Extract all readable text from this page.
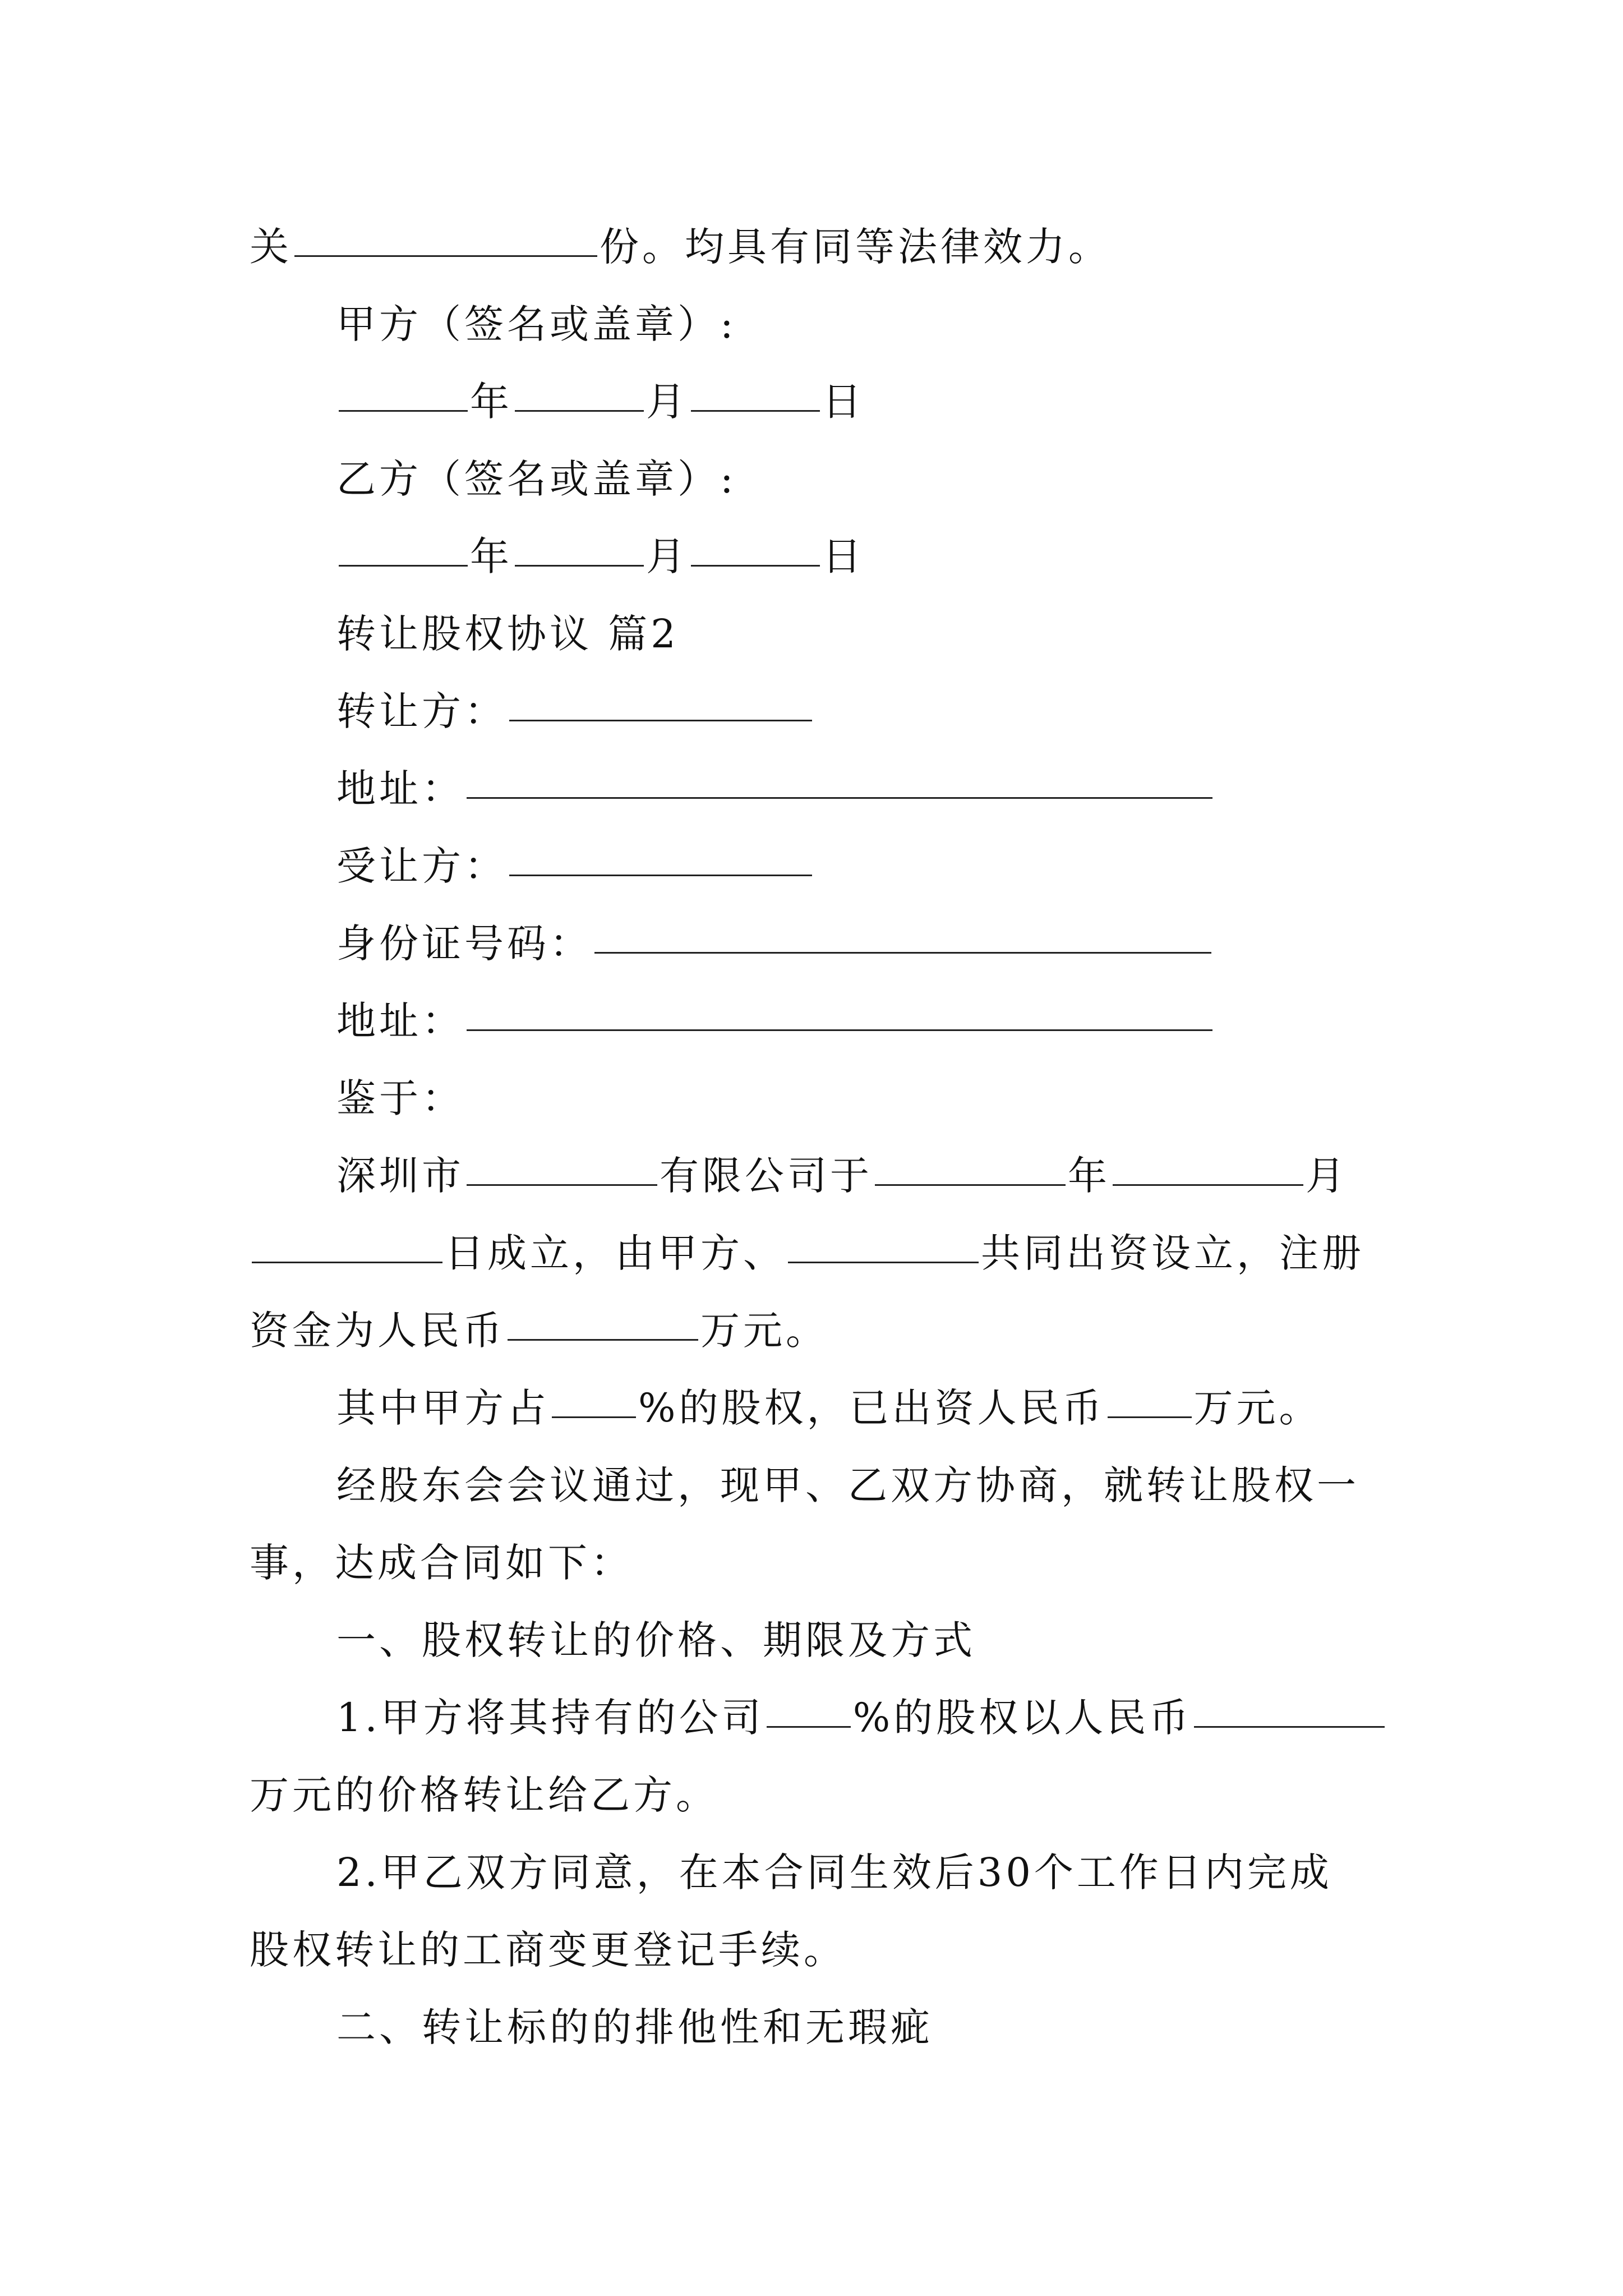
关	份。均具有同等法律效力。
甲方（签名或盖章）:
年	月	日
乙方（签名或盖章）:
年	月	日
转让股权协议 篇2
转让方：
地址：
受让方：
身份证号码：
地址：
鉴于：
深圳市	有限公司于	年	月
日成立，由甲方、	共同出资设立，注册
资金为人民币	万元。
其中甲方占 %的股权，已出资人民币 万元。
经股东会会议通过，现甲、乙双方协商，就转让股权一
事，达成合同如下：
一、股权转让的价格、期限及方式
1.甲方将其持有的公司 %的股权以人民币
万元的价格转让给乙方。
2.甲乙双方同意，在本合同生效后30个工作日内完成
股权转让的工商变更登记手续。
二、转让标的的排他性和无瑕疵
